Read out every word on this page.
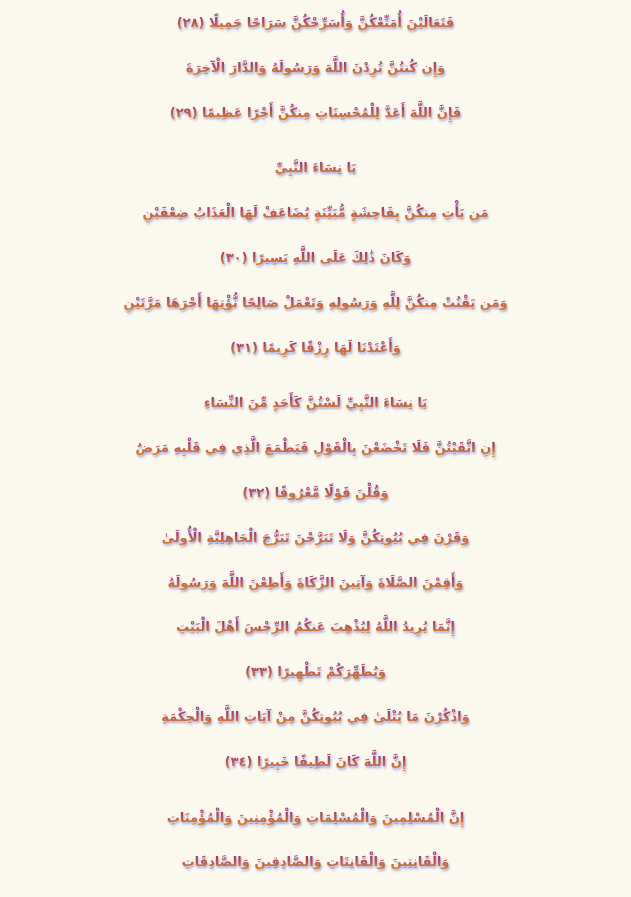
فَتَعَالَيْنَ أُمَتِّعْكُنَّ وَأُسَرِّحْكُنَّ سَرَاحًا جَمِيلًا (٢٨)
وَإِن كُنتُنَّ تُرِدْنَ اللَّهَ وَرَسُولَهُ وَالدَّارَ الْآخِرَةَ
فَإِنَّ اللَّهَ أَعَدَّ لِلْمُحْسِنَاتِ مِنكُنَّ أَجْرًا عَظِيمًا (٢٩)
يَا نِسَاءَ النَّبِيِّ
مَن يَأْتِ مِنكُنَّ بِفَاحِشَةٍ مُّبَيِّنَةٍ يُضَاعَفْ لَهَا الْعَذَابُ ضِعْفَيْنِ
وَكَانَ ذَٰلِكَ عَلَى اللَّهِ يَسِيرًا (٣٠)
وَمَن يَقْنُتْ مِنكُنَّ لِلَّهِ وَرَسُولِهِ وَتَعْمَلْ صَالِحًا نُّؤْتِهَا أَجْرَهَا مَرَّتَيْنِ
وَأَعْتَدْنَا لَهَا رِزْقًا كَرِيمًا (٣١)
يَا نِسَاءَ النَّبِيِّ لَسْتُنَّ كَأَحَدٍ مِّنَ النِّسَاءِ
إِنِ اتَّقَيْتُنَّ فَلَا تَخْضَعْنَ بِالْقَوْلِ فَيَطْمَعَ الَّذِي فِي قَلْبِهِ مَرَضٌ
وَقُلْنَ قَوْلًا مَّعْرُوفًا (٣٢)
وَقَرْنَ فِي بُيُوتِكُنَّ وَلَا تَبَرَّجْنَ تَبَرُّجَ الْجَاهِلِيَّةِ الْأُولَىٰ
وَأَقِمْنَ الصَّلَاةَ وَآتِينَ الزَّكَاةَ وَأَطِعْنَ اللَّهَ وَرَسُولَهُ
إِنَّمَا يُرِيدُ اللَّهُ لِيُذْهِبَ عَنكُمُ الرِّجْسَ أَهْلَ الْبَيْتِ
وَيُطَهِّرَكُمْ تَطْهِيرًا (٣٣)
وَاذْكُرْنَ مَا يُتْلَىٰ فِي بُيُوتِكُنَّ مِنْ آيَاتِ اللَّهِ وَالْحِكْمَةِ
إِنَّ اللَّهَ كَانَ لَطِيفًا خَبِيرًا (٣٤)
إِنَّ الْمُسْلِمِينَ وَالْمُسْلِمَاتِ وَالْمُؤْمِنِينَ وَالْمُؤْمِنَاتِ
وَالْقَانِتِينَ وَالْقَانِتَاتِ وَالصَّادِقِينَ وَالصَّادِقَاتِ
